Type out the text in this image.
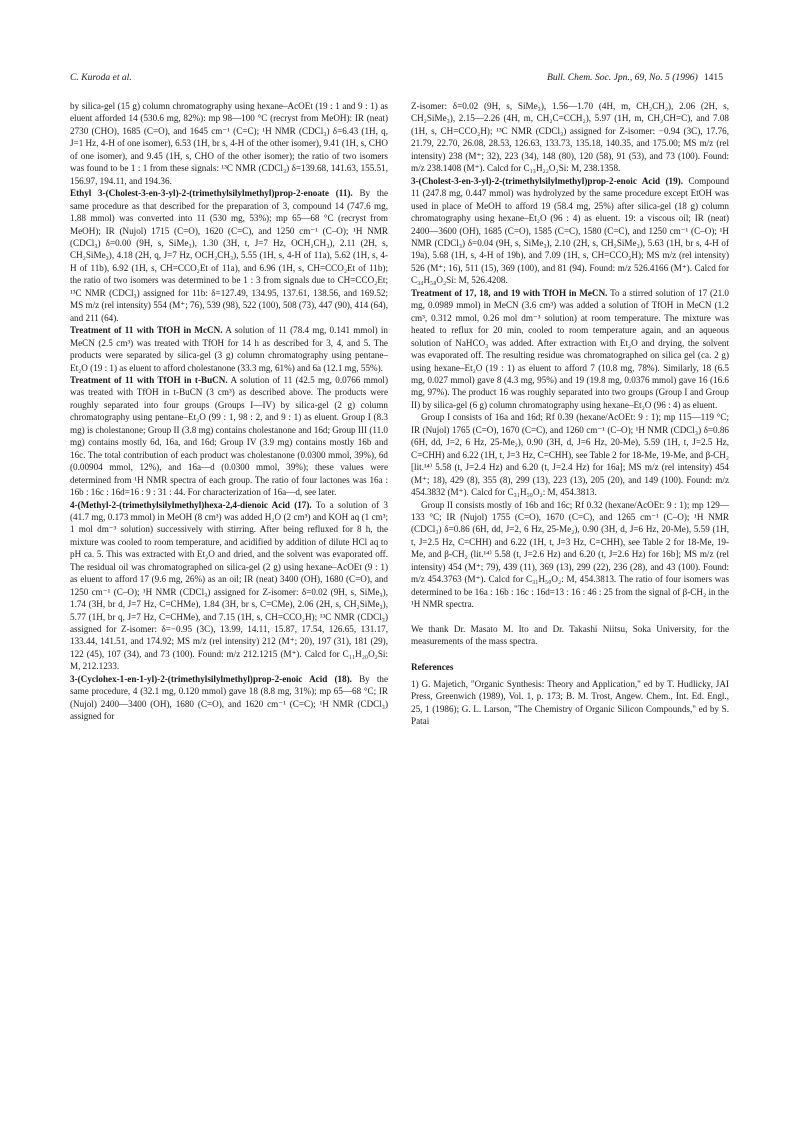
C. Kuroda et al.	Bull. Chem. Soc. Jpn., 69, No. 5 (1996) 1415

by silica-gel (15 g) column chromatography using hexane–AcOEt (19 : 1 and 9 : 1) as eluent afforded 14 (530.6 mg, 82%): mp 98—100 °C (recryst from MeOH): IR (neat) 2730 (CHO), 1685 (C=O), and 1645 cm⁻¹ (C=C); ¹H NMR (CDCl₃) δ=6.43 (1H, q, J=1 Hz, 4-H of one isomer), 6.53 (1H, br s, 4-H of the other isomer), 9.41 (1H, s, CHO of one isomer), and 9.45 (1H, s, CHO of the other isomer); the ratio of two isomers was found to be 1 : 1 from these signals: ¹³C NMR (CDCl₃) δ=139.68, 141.63, 155.51, 156.97, 194.11, and 194.36.

Ethyl 3-(Cholest-3-en-3-yl)-2-(trimethylsilylmethyl)prop-2-enoate (11). By the same procedure as that described for the preparation of 3, compound 14 (747.6 mg, 1.88 mmol) was converted into 11 (530 mg, 53%); mp 65—68 °C (recryst from MeOH); IR (Nujol) 1715 (C=O), 1620 (C=C), and 1250 cm⁻¹ (C–O); ¹H NMR (CDCl₃) δ=0.00 (9H, s, SiMe₃), 1.30 (3H, t, J=7 Hz, OCH₂CH₃), 2.11 (2H, s, CH₂SiMe₃), 4.18 (2H, q, J=7 Hz, OCH₂CH₃), 5.55 (1H, s, 4-H of 11a), 5.62 (1H, s, 4-H of 11b), 6.92 (1H, s, CH=CCO₂Et of 11a), and 6.96 (1H, s, CH=CCO₂Et of 11b); the ratio of two isomers was determined to be 1 : 3 from signals due to CH=CCO₂Et; ¹³C NMR (CDCl₃) assigned for 11b: δ=127.49, 134.95, 137.61, 138.56, and 169.52; MS m/z (rel intensity) 554 (M⁺; 76), 539 (98), 522 (100), 508 (73), 447 (90), 414 (64), and 211 (64).

Treatment of 11 with TfOH in McCN. A solution of 11 (78.4 mg, 0.141 mmol) in MeCN (2.5 cm³) was treated with TfOH for 14 h as described for 3, 4, and 5. The products were separated by silica-gel (3 g) column chromatography using pentane–Et₂O (19 : 1) as eluent to afford cholestanone (33.3 mg, 61%) and 6a (12.1 mg, 55%).

Treatment of 11 with TfOH in t-BuCN. A solution of 11 (42.5 mg, 0.0766 mmol) was treated with TfOH in t-BuCN (3 cm³) as described above. The products were roughly separated into four groups (Groups I—IV) by silica-gel (2 g) column chromatography using pentane–Et₂O (99 : 1, 98 : 2, and 9 : 1) as eluent. Group I (8.3 mg) is cholestanone; Group II (3.8 mg) contains cholestanone and 16d; Group III (11.0 mg) contains mostly 6d, 16a, and 16d; Group IV (3.9 mg) contains mostly 16b and 16c. The total contribution of each product was cholestanone (0.0300 mmol, 39%), 6d (0.00904 mmol, 12%), and 16a—d (0.0300 mmol, 39%); these values were determined from ¹H NMR spectra of each group. The ratio of four lactones was 16a : 16b : 16c : 16d=16 : 9 : 31 : 44. For characterization of 16a—d, see later.

4-(Methyl-2-(trimethylsilylmethyl)hexa-2,4-dienoic Acid (17). To a solution of 3 (41.7 mg, 0.173 mmol) in MeOH (8 cm³) was added H₂O (2 cm³) and KOH aq (1 cm³; 1 mol dm⁻³ solution) successively with stirring. After being refluxed for 8 h, the mixture was cooled to room temperature, and acidified by addition of dilute HCl aq to pH ca. 5. This was extracted with Et₂O and dried, and the solvent was evaporated off. The residual oil was chromatographed on silica-gel (2 g) using hexane–AcOEt (9 : 1) as eluent to afford 17 (9.6 mg, 26%) as an oil; IR (neat) 3400 (OH), 1680 (C=O), and 1250 cm⁻¹ (C–O); ¹H NMR (CDCl₃) assigned for Z-isomer: δ=0.02 (9H, s, SiMe₃), 1.74 (3H, br d, J=7 Hz, C=CHMe), 1.84 (3H, br s, C=CMe), 2.06 (2H, s, CH₂SiMe₃), 5.77 (1H, br q, J=7 Hz, C=CHMe), and 7.15 (1H, s, CH=CCO₂H); ¹³C NMR (CDCl₃) assigned for Z-isomer: δ=−0.95 (3C), 13.99, 14.11, 15.87, 17.54, 126.65, 131.17, 133.44, 141.51, and 174.92; MS m/z (rel intensity) 212 (M⁺; 20), 197 (31), 181 (29), 122 (45), 107 (34), and 73 (100). Found: m/z 212.1215 (M⁺). Calcd for C₁₁H₂₀O₂Si: M, 212.1233.

3-(Cyclohex-1-en-1-yl)-2-(trimethylsilylmethyl)prop-2-enoic Acid (18). By the same procedure, 4 (32.1 mg, 0.120 mmol) gave 18 (8.8 mg, 31%); mp 65—68 °C; IR (Nujol) 2400—3400 (OH), 1680 (C=O), and 1620 cm⁻¹ (C=C); ¹H NMR (CDCl₃) assigned for

Z-isomer: δ=0.02 (9H, s, SiMe₃), 1.56—1.70 (4H, m, CH₂CH₂), 2.06 (2H, s, CH₂SiMe₃), 2.15—2.26 (4H, m, CH₂C=CCH₂), 5.97 (1H, m, CH₂CH=C), and 7.08 (1H, s, CH=CCO₂H); ¹³C NMR (CDCl₃) assigned for Z-isomer: −0.94 (3C), 17.76, 21.79, 22.70, 26.08, 28.53, 126.63, 133.73, 135.18, 140.35, and 175.00; MS m/z (rel intensity) 238 (M⁺; 32), 223 (34), 148 (80), 120 (58), 91 (53), and 73 (100). Found: m/z 238.1408 (M⁺). Calcd for C₁₃H₂₂O₂Si: M, 238.1358.

3-(Cholest-3-en-3-yl)-2-(trimethylsilylmethyl)prop-2-enoic Acid (19). Compound 11 (247.8 mg, 0.447 mmol) was hydrolyzed by the same procedure except EtOH was used in place of MeOH to afford 19 (58.4 mg, 25%) after silica-gel (18 g) column chromatography using hexane–Et₂O (96 : 4) as eluent. 19: a viscous oil; IR (neat) 2400—3600 (OH), 1685 (C=O), 1585 (C=C), 1580 (C=C), and 1250 cm⁻¹ (C–O); ¹H NMR (CDCl₃) δ=0.04 (9H, s, SiMe₃), 2.10 (2H, s, CH₂SiMe₃), 5.63 (1H, br s, 4-H of 19a), 5.68 (1H, s, 4-H of 19b), and 7.09 (1H, s, CH=CCO₂H); MS m/z (rel intensity) 526 (M⁺; 16), 511 (15), 369 (100), and 81 (94). Found: m/z 526.4166 (M⁺). Calcd for C₃₄H₅₈O₂Si: M, 526.4208.

Treatment of 17, 18, and 19 with TfOH in MeCN. To a stirred solution of 17 (21.0 mg, 0.0989 mmol) in MeCN (3.6 cm³) was added a solution of TfOH in MeCN (1.2 cm³, 0.312 mmol, 0.26 mol dm⁻³ solution) at room temperature. The mixture was heated to reflux for 20 min, cooled to room temperature again, and an aqueous solution of NaHCO₃ was added. After extraction with Et₂O and drying, the solvent was evaporated off. The resulting residue was chromatographed on silica gel (ca. 2 g) using hexane–Et₂O (19 : 1) as eluent to afford 7 (10.8 mg, 78%). Similarly, 18 (6.5 mg, 0.027 mmol) gave 8 (4.3 mg, 95%) and 19 (19.8 mg, 0.0376 mmol) gave 16 (16.6 mg, 97%). The product 16 was roughly separated into two groups (Group I and Group II) by silica-gel (6 g) column chromatography using hexane–Et₂O (96 : 4) as eluent.

Group I consists of 16a and 16d; Rf 0.39 (hexane/AcOEt: 9 : 1); mp 115—119 °C; IR (Nujol) 1765 (C=O), 1670 (C=C), and 1260 cm⁻¹ (C–O); ¹H NMR (CDCl₃) δ=0.86 (6H, dd, J=2, 6 Hz, 25-Me₂), 0.90 (3H, d, J=6 Hz, 20-Me), 5.59 (1H, t, J=2.5 Hz, C=CHH) and 6.22 (1H, t, J=3 Hz, C=CHH), see Table 2 for 18-Me, 19-Me, and β-CH₂ [lit.¹⁴⁾ 5.58 (t, J=2.4 Hz) and 6.20 (t, J=2.4 Hz) for 16a]; MS m/z (rel intensity) 454 (M⁺; 18), 429 (8), 355 (8), 299 (13), 223 (13), 205 (20), and 149 (100). Found: m/z 454.3832 (M⁺). Calcd for C₃₁H₅₀O₂: M, 454.3813.

Group II consists mostly of 16b and 16c; Rf 0.32 (hexane/AcOEt: 9 : 1); mp 129—133 °C; IR (Nujol) 1755 (C=O), 1670 (C=C), and 1265 cm⁻¹ (C–O); ¹H NMR (CDCl₃) δ=0.86 (6H, dd, J=2, 6 Hz, 25-Me₂), 0.90 (3H, d, J=6 Hz, 20-Me), 5.59 (1H, t, J=2.5 Hz, C=CHH) and 6.22 (1H, t, J=3 Hz, C=CHH), see Table 2 for 18-Me, 19-Me, and β-CH₂ (lit.¹⁴⁾ 5.58 (t, J=2.6 Hz) and 6.20 (t, J=2.6 Hz) for 16b]; MS m/z (rel intensity) 454 (M⁺; 79), 439 (11), 369 (13), 299 (22), 236 (28), and 43 (100). Found: m/z 454.3763 (M⁺). Calcd for C₃₁H₅₀O₂: M, 454.3813. The ratio of four isomers was determined to be 16a : 16b : 16c : 16d=13 : 16 : 46 : 25 from the signal of β-CH₂ in the ¹H NMR spectra.

We thank Dr. Masato M. Ito and Dr. Takashi Niitsu, Soka University, for the measurements of the mass spectra.

References

1) G. Majetich, "Organic Synthesis: Theory and Application," ed by T. Hudlicky, JAI Press, Greenwich (1989), Vol. 1, p. 173; B. M. Trost, Angew. Chem., Int. Ed. Engl., 25, 1 (1986); G. L. Larson, "The Chemistry of Organic Silicon Compounds," ed by S. Patai
